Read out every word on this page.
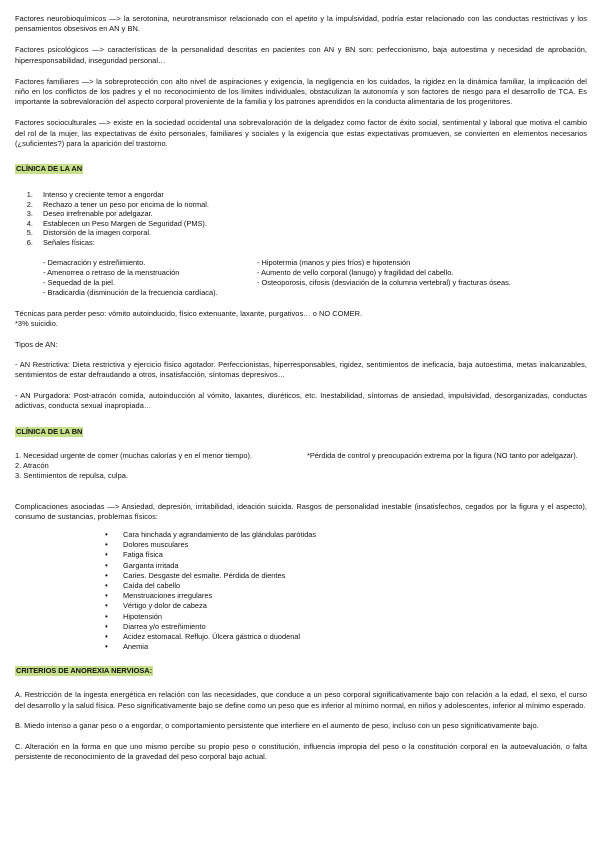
Factores neurobioquímicos —> la serotonina, neurotransmisor relacionado con el apetito y la impulsividad, podría estar relacionado con las conductas restrictivas y los pensamientos obsesivos en AN y BN.

Factores psicológicos —> características de la personalidad descritas en pacientes con AN y BN son: perfeccionismo, baja autoestima y necesidad de aprobación, hiperresponsabilidad, inseguridad personal…

Factores familiares —> la sobreprotección con alto nivel de aspiraciones y exigencia, la negligencia en los cuidados, la rigidez en la dinámica familiar, la implicación del niño en los conflictos de los padres y el no reconocimiento de los límites individuales, obstaculizan la autonomía y son factores de riesgo para el desarrollo de TCA. Es importante la sobrevaloración del aspecto corporal proveniente de la familia y los patrones aprendidos en la conducta alimentaria de los progenitores.

Factores socioculturales —> existe en la sociedad occidental una sobrevaloración de la delgadez como factor de éxito social, sentimental y laboral que motiva el cambio del rol de la mujer, las expectativas de éxito personales, familiares y sociales y la exigencia que estas expectativas promueven, se convierten en elementos necesarios (¿suficientes?) para la aparición del trastorno.

CLÍNICA DE LA AN
1. Intenso y creciente temor a engordar
2. Rechazo a tener un peso por encima de lo normal.
3. Deseo irrefrenable por adelgazar.
4. Establecen un Peso Margen de Seguridad (PMS).
5. Distorsión de la imagen corporal.
6. Señales físicas:
- Demacración y estreñimiento.
- Amenorrea o retraso de la menstruación
- Sequedad de la piel.
- Bradicardia (disminución de la frecuencia cardíaca).
- Hipotermia (manos y pies fríos) e hipotensión
- Aumento de vello corporal (lanugo) y fragilidad del cabello.
- Osteoporosis, cifosis (desviación de la columna vertebral) y fracturas óseas.

Técnicas para perder peso: vómito autoinducido, físico extenuante, laxante, purgativos… o NO COMER.

*3% suicidio.

Tipos de AN:

- AN Restrictiva: Dieta restrictiva y ejercicio físico agotador. Perfeccionistas, hiperresponsables, rigidez, sentimientos de ineficacia, baja autoestima, metas inalcanzables, sentimientos de estar defraudando a otros, insatisfacción, síntomas depresivos…

- AN Purgadora: Post-atracón comida, autoinducción al vómito, laxantes, diuréticos, etc. Inestabilidad, síntomas de ansiedad, impulsividad, desorganizadas, conductas adictivas, conducta sexual inapropiada…

CLÍNICA DE LA BN
1. Necesidad urgente de comer (muchas calorías y en el menor tiempo).	*Pérdida de control y preocupación extrema por la figura (NO tanto por adelgazar).

2. Atracón

3. Sentimientos de repulsa, culpa.

Complicaciones asociadas —> Ansiedad, depresión, irritabilidad, ideación suicida. Rasgos de personalidad inestable (insatisfechos, cegados por la figura y el aspecto), consumo de sustancias, problemas físicos:

• Cara hinchada y agrandamiento de las glándulas parótidas
• Dolores musculares
• Fatiga física
• Garganta irritada
• Caries. Desgaste del esmalte. Pérdida de dientes
• Caída del cabello
• Menstruaciones irregulares
• Vértigo y dolor de cabeza
• Hipotensión
• Diarrea y/o estreñimiento
• Acidez estomacal. Reflujo. Úlcera gástrica o duodenal
• Anemia
CRITERIOS DE ANOREXIA NERVIOSA:

A. Restricción de la ingesta energética en relación con las necesidades, que conduce a un peso corporal significativamente bajo con relación a la edad, el sexo, el curso del desarrollo y la salud física. Peso significativamente bajo se define como un peso que es inferior al mínimo normal, en niños y adolescentes, inferior al mínimo esperado.

B. Miedo intenso a ganar peso o a engordar, o comportamiento persistente que interfiere en el aumento de peso, incluso con un peso significativamente bajo.

C. Alteración en la forma en que uno mismo percibe su propio peso o constitución, influencia impropia del peso o la constitución corporal en la autoevaluación, o falta persistente de reconocimiento de la gravedad del peso corporal bajo actual.
